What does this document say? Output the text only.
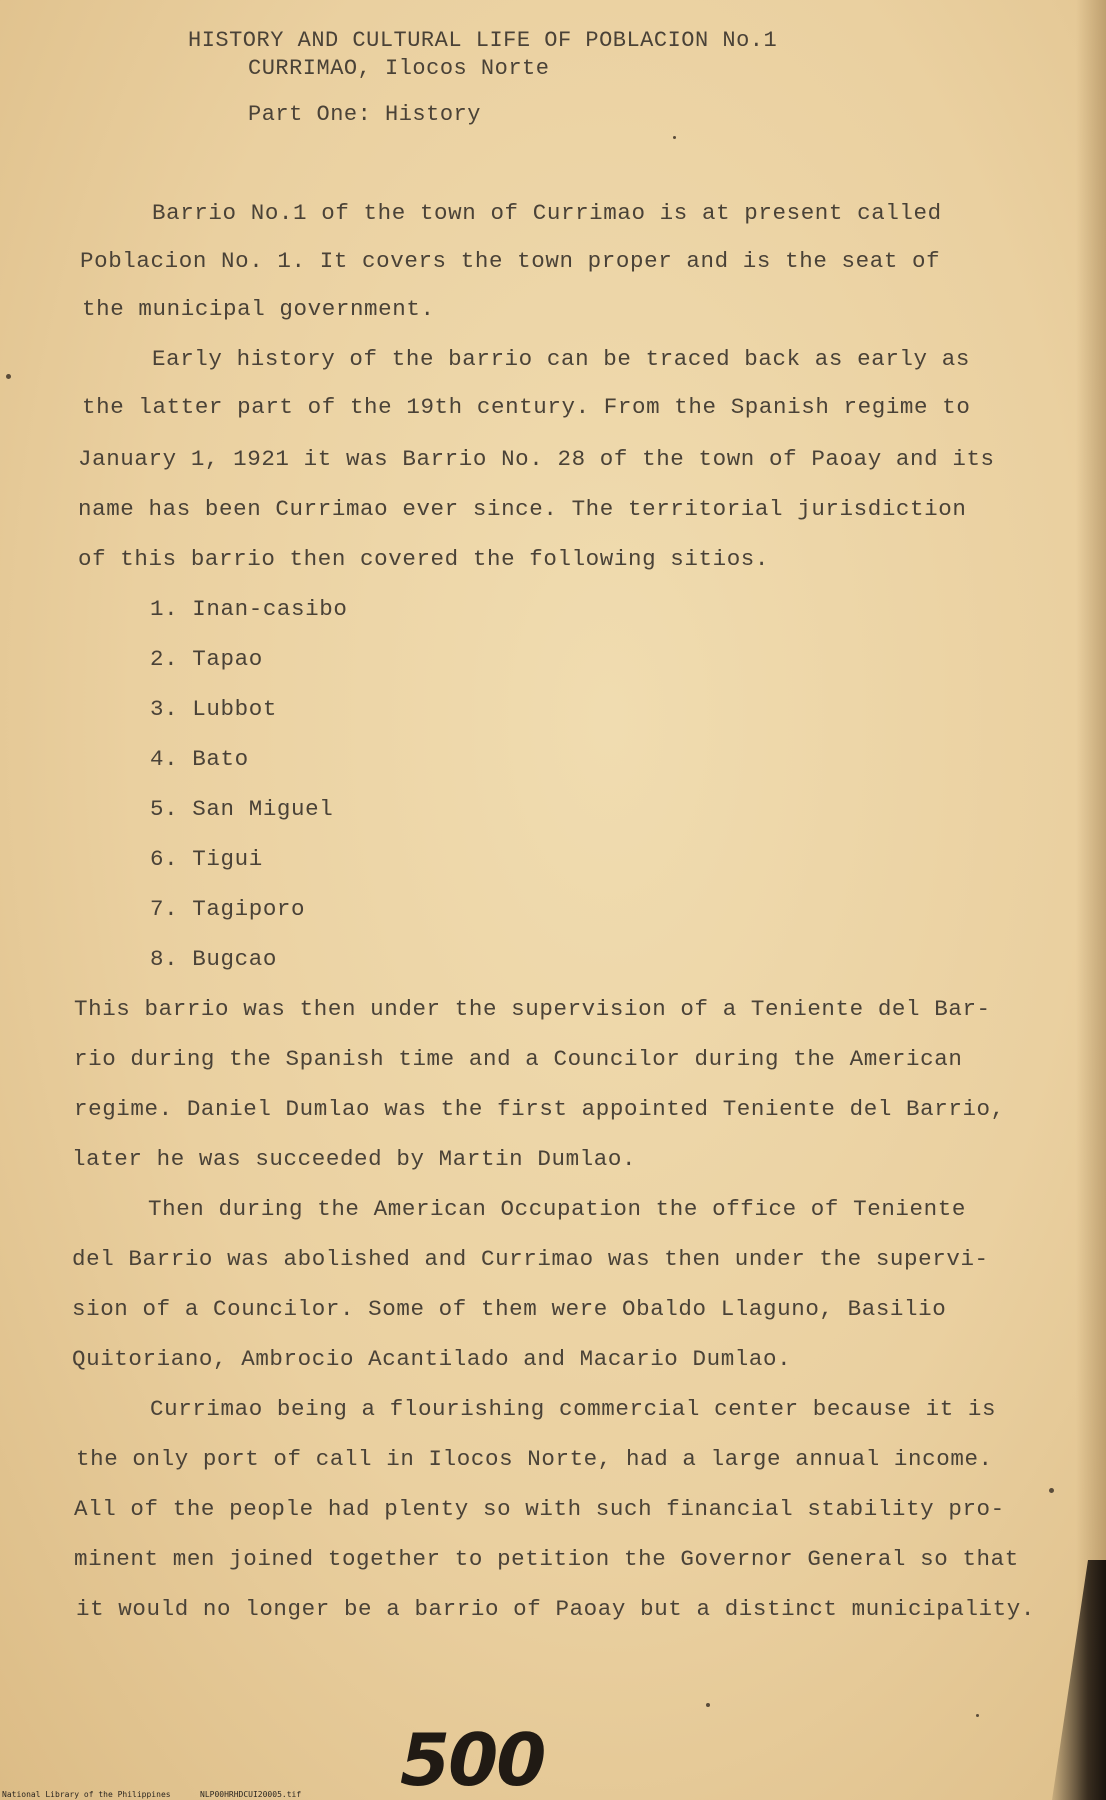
HISTORY AND CULTURAL LIFE OF POBLACION No.1
CURRIMAO, Ilocos Norte
Part One: History
Barrio No.1 of the town of Currimao is at present called
Poblacion No. 1. It covers the town proper and is the seat of
the municipal government.
Early history of the barrio can be traced back as early as
the latter part of the 19th century. From the Spanish regime to
January 1, 1921 it was Barrio No. 28 of the town of Paoay and its
name has been Currimao ever since. The territorial jurisdiction
of this barrio then covered the following sitios.
1. Inan-casibo
2. Tapao
3. Lubbot
4. Bato
5. San Miguel
6. Tigui
7. Tagiporo
8. Bugcao
This barrio was then under the supervision of a Teniente del Bar-
rio during the Spanish time and a Councilor during the American
regime. Daniel Dumlao was the first appointed Teniente del Barrio,
later he was succeeded by Martin Dumlao.
Then during the American Occupation the office of Teniente
del Barrio was abolished and Currimao was then under the supervi-
sion of a Councilor. Some of them were Obaldo Llaguno, Basilio
Quitoriano, Ambrocio Acantilado and Macario Dumlao.
Currimao being a flourishing commercial center because it is
the only port of call in Ilocos Norte, had a large annual income.
All of the people had plenty so with such financial stability pro-
minent men joined together to petition the Governor General so that
it would no longer be a barrio of Paoay but a distinct municipality.
500
National Library of the Philippines	NLP00HRHDCUI20005.tif
